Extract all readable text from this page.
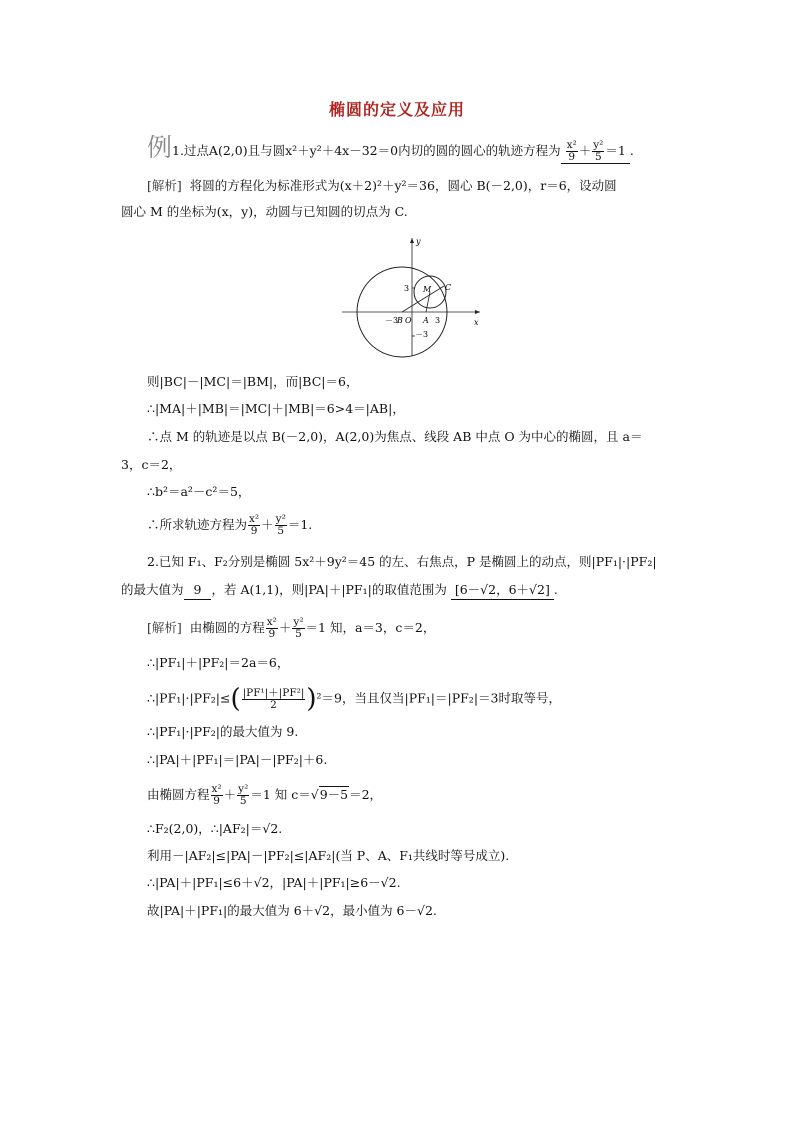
椭圆的定义及应用
例 1.过点A(2,0)且与圆x²＋y²＋4x－32＝0内切的圆的圆心的轨迹方程为 $\frac{\text{x²}}{9} + \frac{\text{y²}}{5} =1$ .
[解析] 将圆的方程化为标准形式为(x＋2)²＋y²＝36，圆心 B(－2,0)，r＝6，设动圆
圆心 M 的坐标为(x，y)，动圆与已知圆的切点为 C.
y
x
M C
O A
B	3
－3
3
－3
则|BC|－|MC|＝|BM|，而|BC|＝6，
∴|MA|＋|MB|＝|MC|＋|MB|＝6>4＝|AB|，
∴点 M 的轨迹是以点 B(－2,0)，A(2,0)为焦点、线段 AB 中点 O 为中心的椭圆，且 a＝
3，c＝2，
∴b²＝a²－c²＝5，
∴所求轨迹方程为 $\frac{\text{x²}}{9} + \frac{\text{y²}}{5} =1$.
2.已知 F₁、F₂分别是椭圆 5x²＋9y²＝45 的左、右焦点，P 是椭圆上的动点，则|PF₁|·|PF₂|
的最大值为 9 ，若 A(1,1)，则|PA|＋|PF₁|的取值范围为 [6－√2，6＋√2] .
[解析] 由椭圆的方程 $\frac{\text{x²}}{9} + \frac{\text{y²}}{5} =1$ 知，a＝3，c＝2，
∴|PF₁|＋|PF₂|＝2a＝6，
∴|PF₁|·|PF₂|≤( $\frac{\text{|PF¹|＋|PF²|}}{2} )^2=9$，当且仅当|PF₁|＝|PF₂|＝3时取等号，
∴|PF₁|·|PF₂|的最大值为 9.
∴|PA|＋|PF₁|＝|PA|－|PF₂|＋6.
由椭圆方程 $\frac{\text{x²}}{9} + \frac{\text{y²}}{5} =1$ 知 c＝√9－5＝2，
∴F₂(2,0)，∴|AF₂|＝√2.
利用－|AF₂|≤|PA|－|PF₂|≤|AF₂|(当 P、A、F₁共线时等号成立).
∴|PA|＋|PF₁|≤6＋√2，|PA|＋|PF₁|≥6－√2.
故|PA|＋|PF₁|的最大值为 6＋√2，最小值为 6－√2.
